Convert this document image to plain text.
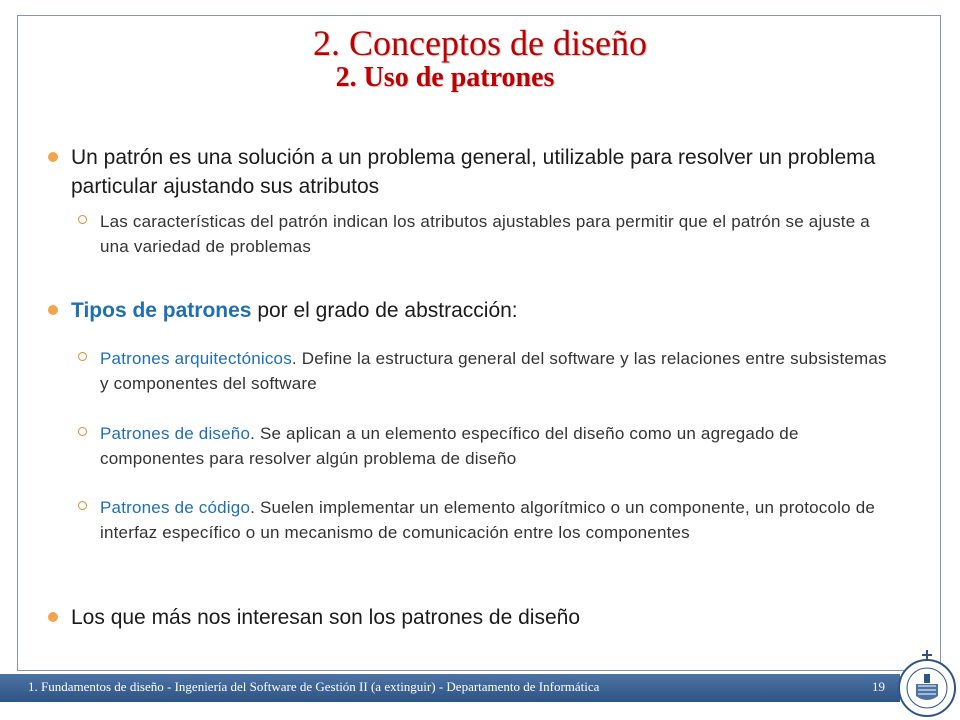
2. Conceptos de diseño
2. Uso de patrones
Un patrón es una solución a un problema general, utilizable para resolver un problema particular ajustando sus atributos
Las características del patrón indican los atributos ajustables para permitir que el patrón se ajuste a una variedad de problemas
Tipos de patrones por el grado de abstracción:
Patrones arquitectónicos. Define la estructura general del software y las relaciones entre subsistemas y componentes del software
Patrones de diseño. Se aplican a un elemento específico del diseño como un agregado de componentes para resolver algún problema de diseño
Patrones de código. Suelen implementar un elemento algorítmico o un componente, un protocolo de interfaz específico o un mecanismo de comunicación entre los componentes
Los que más nos interesan son los patrones de diseño
1. Fundamentos de diseño - Ingeniería del Software de Gestión II (a extinguir) - Departamento de Informática	19
